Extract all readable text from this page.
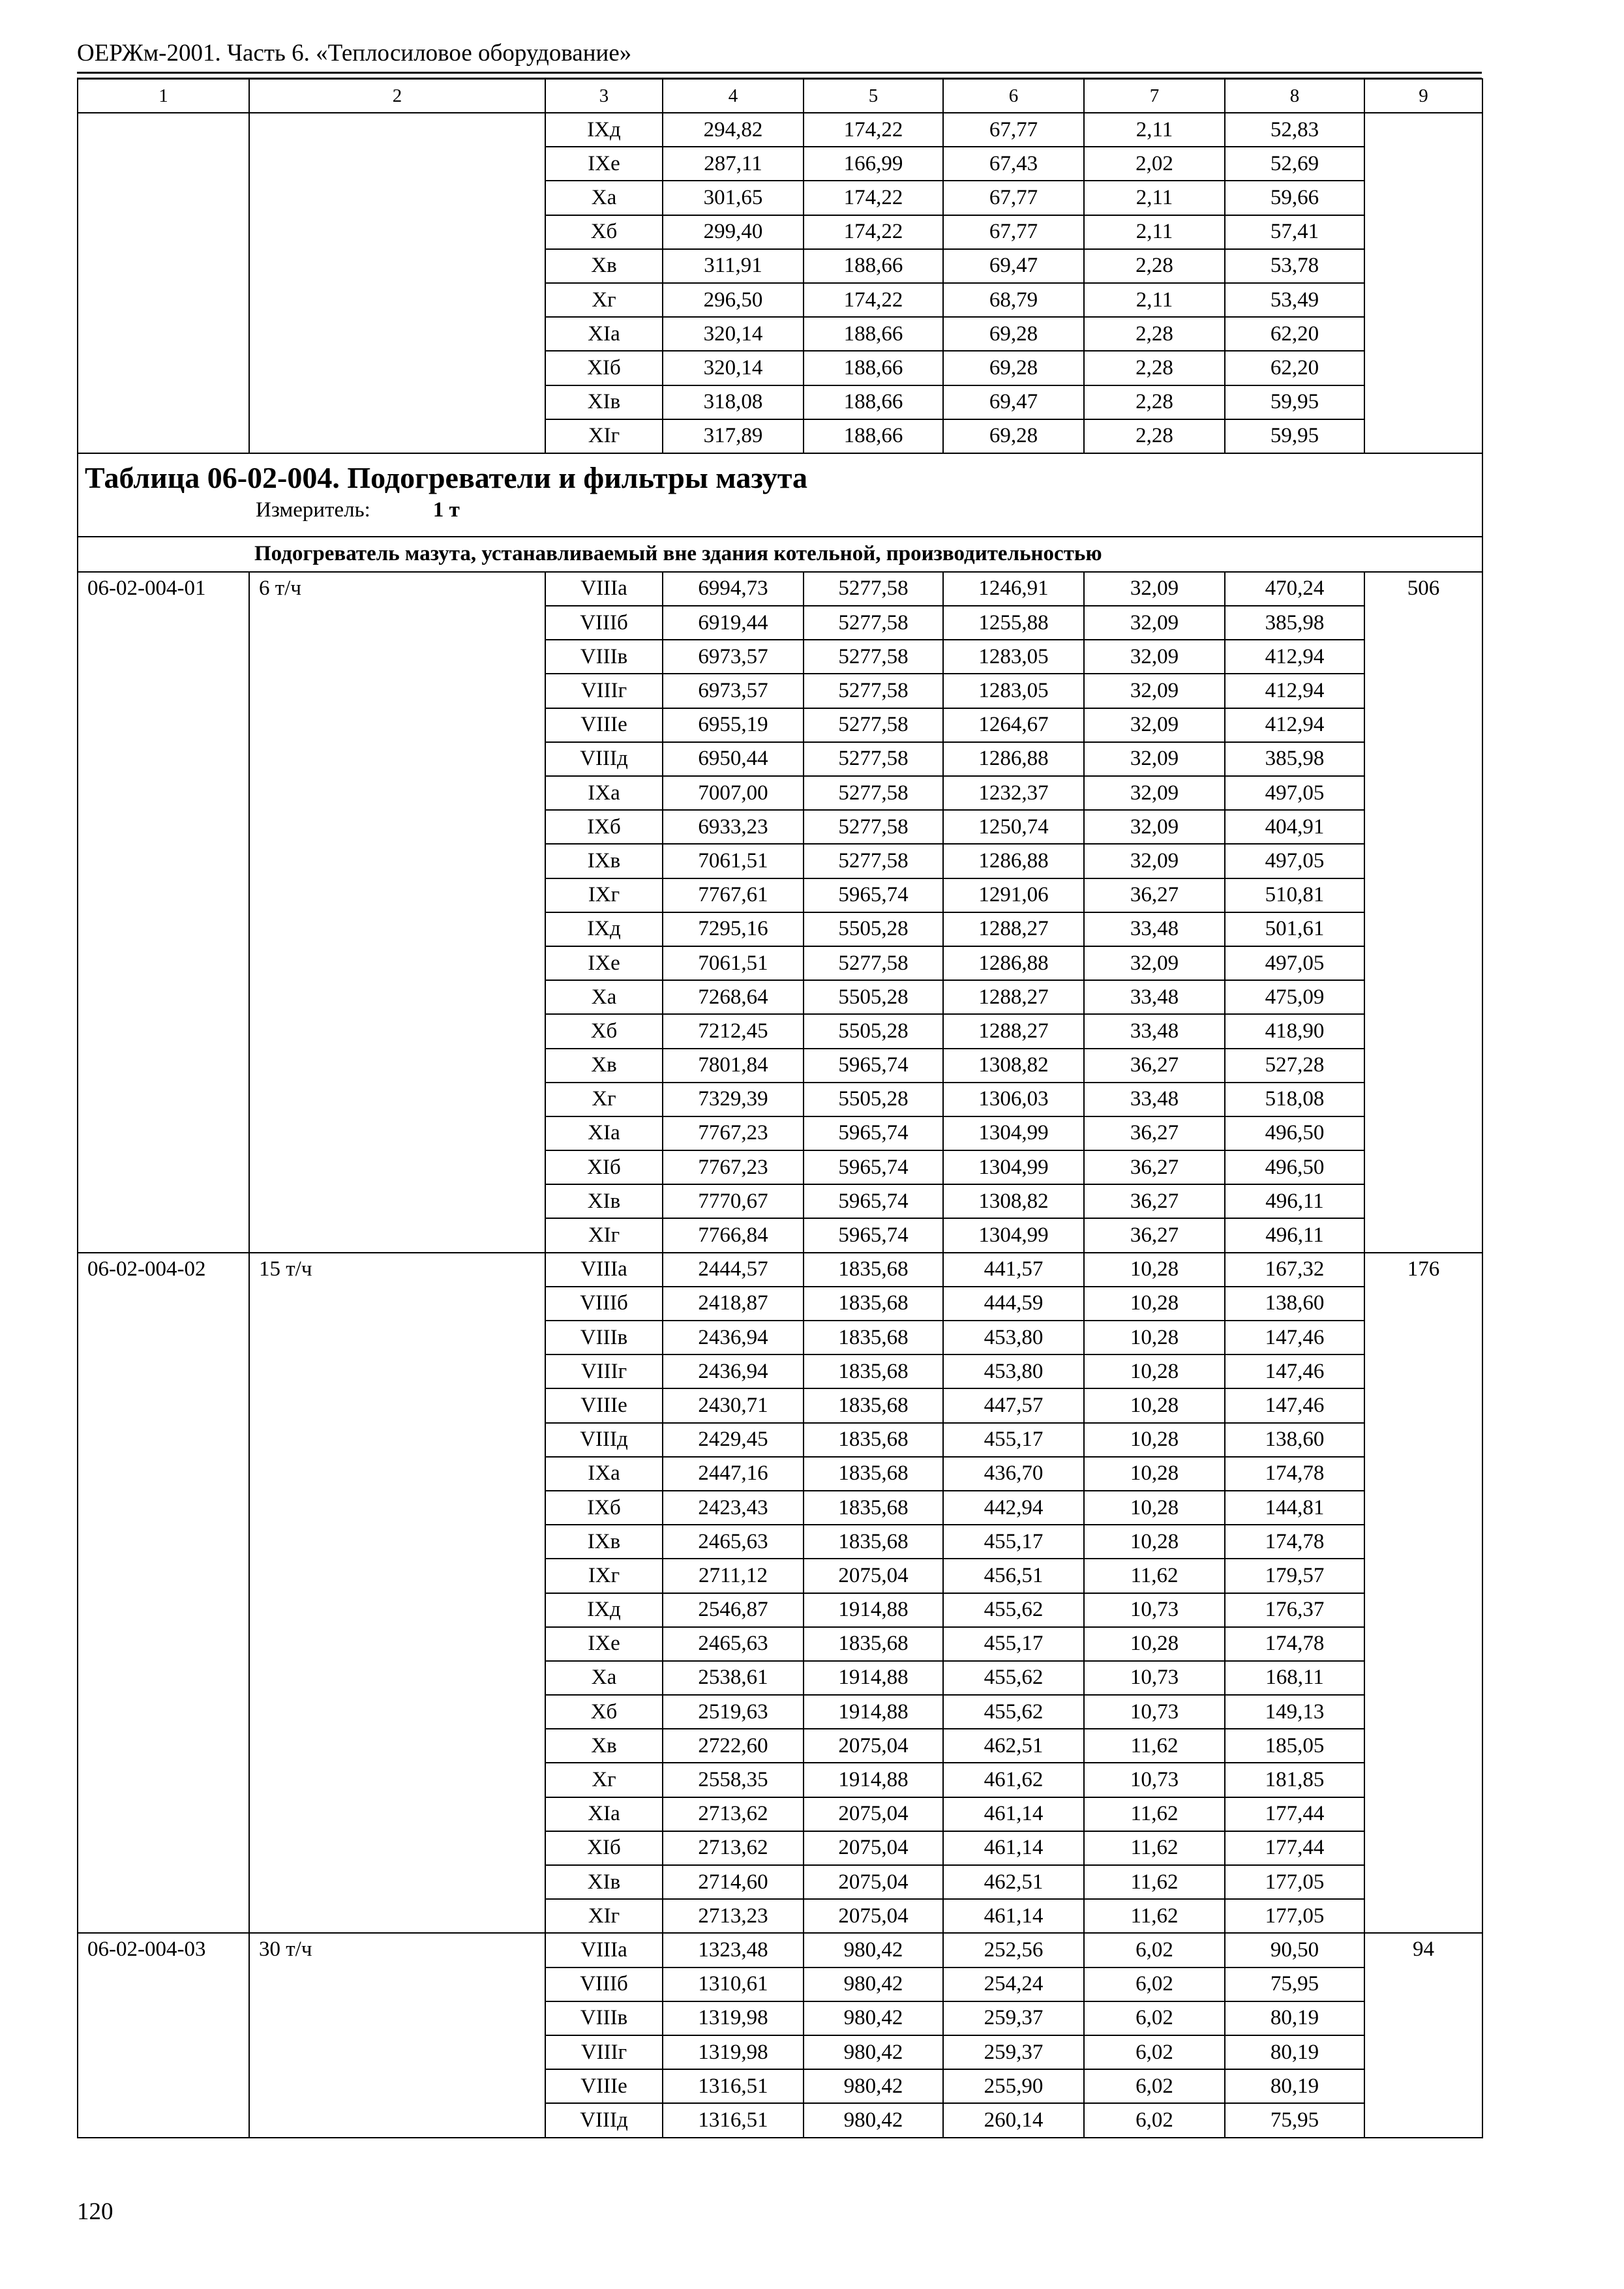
ОЕРЖм-2001. Часть 6. «Теплосиловое оборудование»
1	2	3	4	5	6	7	8	9
		IXд	294,82	174,22	67,77	2,11	52,83	
		IXе	287,11	166,99	67,43	2,02	52,69	
		Xа	301,65	174,22	67,77	2,11	59,66	
		Xб	299,40	174,22	67,77	2,11	57,41	
		Xв	311,91	188,66	69,47	2,28	53,78	
		Xг	296,50	174,22	68,79	2,11	53,49	
		XIа	320,14	188,66	69,28	2,28	62,20	
		XIб	320,14	188,66	69,28	2,28	62,20	
		XIв	318,08	188,66	69,47	2,28	59,95	
		XIг	317,89	188,66	69,28	2,28	59,95	

Таблица 06-02-004. Подогреватели и фильтры мазута
Измеритель: 1 т								

Подогреватель мазута, устанавливаемый вне здания котельной, производительностью								
06-02-004-01	6 т/ч	VIIIа	6994,73	5277,58	1246,91	32,09	470,24	506
		VIIIб	6919,44	5277,58	1255,88	32,09	385,98	
		VIIIв	6973,57	5277,58	1283,05	32,09	412,94	
		VIIIг	6973,57	5277,58	1283,05	32,09	412,94	
		VIIIе	6955,19	5277,58	1264,67	32,09	412,94	
		VIIIд	6950,44	5277,58	1286,88	32,09	385,98	
		IXа	7007,00	5277,58	1232,37	32,09	497,05	
		IXб	6933,23	5277,58	1250,74	32,09	404,91	
		IXв	7061,51	5277,58	1286,88	32,09	497,05	
		IXг	7767,61	5965,74	1291,06	36,27	510,81	
		IXд	7295,16	5505,28	1288,27	33,48	501,61	
		IXе	7061,51	5277,58	1286,88	32,09	497,05	
		Xа	7268,64	5505,28	1288,27	33,48	475,09	
		Xб	7212,45	5505,28	1288,27	33,48	418,90	
		Xв	7801,84	5965,74	1308,82	36,27	527,28	
		Xг	7329,39	5505,28	1306,03	33,48	518,08	
		XIа	7767,23	5965,74	1304,99	36,27	496,50	
		XIб	7767,23	5965,74	1304,99	36,27	496,50	
		XIв	7770,67	5965,74	1308,82	36,27	496,11	
		XIг	7766,84	5965,74	1304,99	36,27	496,11	
06-02-004-02	15 т/ч	VIIIа	2444,57	1835,68	441,57	10,28	167,32	176
		VIIIб	2418,87	1835,68	444,59	10,28	138,60	
		VIIIв	2436,94	1835,68	453,80	10,28	147,46	
		VIIIг	2436,94	1835,68	453,80	10,28	147,46	
		VIIIе	2430,71	1835,68	447,57	10,28	147,46	
		VIIIд	2429,45	1835,68	455,17	10,28	138,60	
		IXа	2447,16	1835,68	436,70	10,28	174,78	
		IXб	2423,43	1835,68	442,94	10,28	144,81	
		IXв	2465,63	1835,68	455,17	10,28	174,78	
		IXг	2711,12	2075,04	456,51	11,62	179,57	
		IXд	2546,87	1914,88	455,62	10,73	176,37	
		IXе	2465,63	1835,68	455,17	10,28	174,78	
		Xа	2538,61	1914,88	455,62	10,73	168,11	
		Xб	2519,63	1914,88	455,62	10,73	149,13	
		Xв	2722,60	2075,04	462,51	11,62	185,05	
		Xг	2558,35	1914,88	461,62	10,73	181,85	
		XIа	2713,62	2075,04	461,14	11,62	177,44	
		XIб	2713,62	2075,04	461,14	11,62	177,44	
		XIв	2714,60	2075,04	462,51	11,62	177,05	
		XIг	2713,23	2075,04	461,14	11,62	177,05	
06-02-004-03	30 т/ч	VIIIа	1323,48	980,42	252,56	6,02	90,50	94
		VIIIб	1310,61	980,42	254,24	6,02	75,95	
		VIIIв	1319,98	980,42	259,37	6,02	80,19	
		VIIIг	1319,98	980,42	259,37	6,02	80,19	
		VIIIе	1316,51	980,42	255,90	6,02	80,19	
		VIIIд	1316,51	980,42	260,14	6,02	75,95	
120
